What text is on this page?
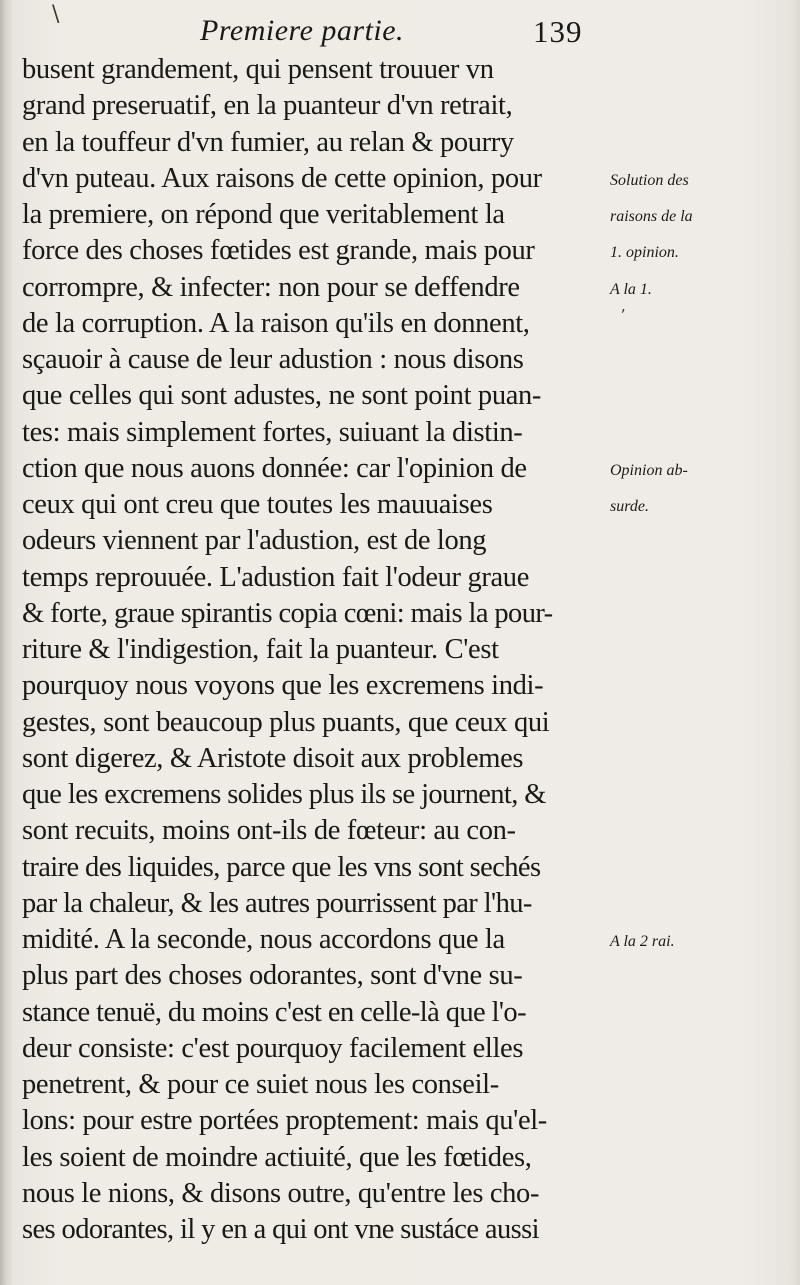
Premiere partie.	139
busent grandement, qui pensent trouuer vn
grand preseruatif, en la puanteur d'vn retrait,
en la touffeur d'vn fumier, au relan & pourry
d'vn puteau. Aux raisons de cette opinion, pour
la premiere, on répond que veritablement la
force des choses fœtides est grande, mais pour
corrompre, & infecter: non pour se deffendre
de la corruption. A la raison qu'ils en donnent,
sçauoir à cause de leur adustion : nous disons
que celles qui sont adustes, ne sont point puan-
tes: mais simplement fortes, suiuant la distin-
ction que nous auons donnée: car l'opinion de
ceux qui ont creu que toutes les mauuaises
odeurs viennent par l'adustion, est de long
temps reprouuée. L'adustion fait l'odeur graue
& forte, graue spirantis copia cœni: mais la pour-
riture & l'indigestion, fait la puanteur. C'est
pourquoy nous voyons que les excremens indi-
gestes, sont beaucoup plus puants, que ceux qui
sont digerez, & Aristote disoit aux problemes
que les excremens solides plus ils se journent, &
sont recuits, moins ont-ils de fœteur: au con-
traire des liquides, parce que les vns sont sechés
par la chaleur, & les autres pourrissent par l'hu-
midité. A la seconde, nous accordons que la
plus part des choses odorantes, sont d'vne su-
stance tenuë, du moins c'est en celle-là que l'o-
deur consiste: c'est pourquoy facilement elles
penetrent, & pour ce suiet nous les conseil-
lons: pour estre portées proptement: mais qu'el-
les soient de moindre actiuité, que les fœtides,
nous le nions, & disons outre, qu'entre les cho-
ses odorantes, il y en a qui ont vne sustáce aussi
Solution des
raisons de la
1. opinion.
A la 1.
Opinion ab-
surde.
A la 2 rai.
\
ʼ
